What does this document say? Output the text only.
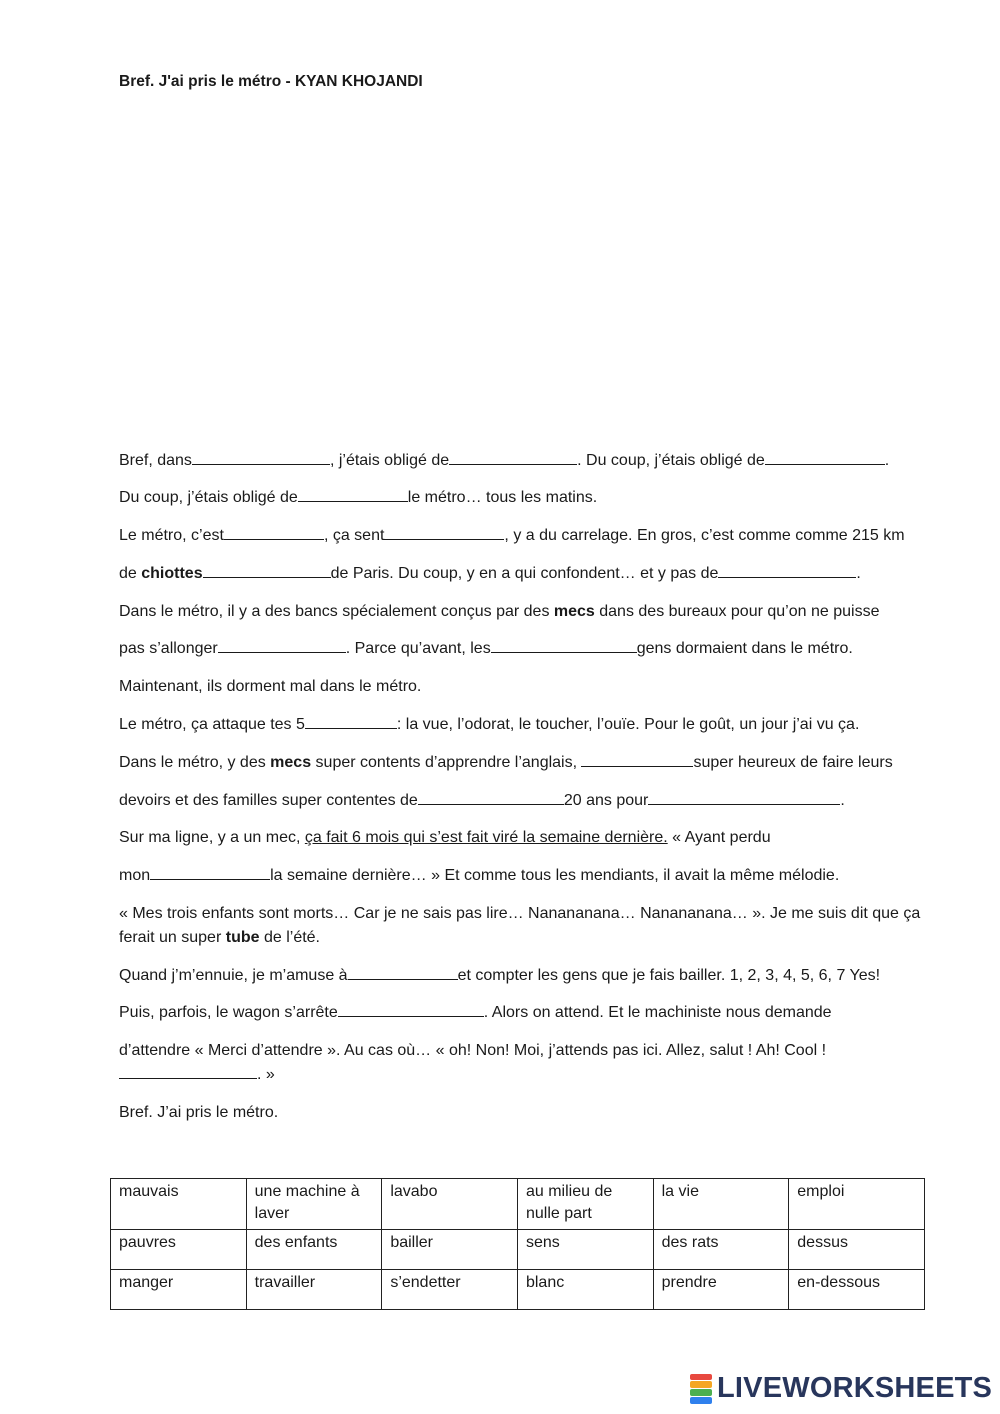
Bref. J'ai pris le métro - KYAN KHOJANDI
Bref, dans	, j’étais obligé de	. Du coup, j’étais obligé de	.
Du coup, j’étais obligé de	le métro… tous les matins.
Le métro, c’est	, ça sent	, y a du carrelage. En gros, c’est comme comme 215 km
de chiottes	de Paris. Du coup, y en a qui confondent… et y pas de	.
Dans le métro, il y a des bancs spécialement conçus par des mecs dans des bureaux pour qu’on ne puisse
pas s’allonger	. Parce qu’avant, les	gens dormaient dans le métro.
Maintenant, ils dorment mal dans le métro.
Le métro, ça attaque tes 5	: la vue, l’odorat, le toucher, l’ouïe. Pour le goût, un jour j’ai vu ça.
Dans le métro, y des mecs super contents d’apprendre l’anglais,	super heureux de faire leurs
devoirs et des familles super contentes de	20 ans pour	.
Sur ma ligne, y a un mec, ça fait 6 mois qui s’est fait viré la semaine dernière. « Ayant perdu
mon	la semaine dernière… » Et comme tous les mendiants, il avait la même mélodie.
« Mes trois enfants sont morts… Car je ne sais pas lire… Nanananana… Nanananana… ». Je me suis dit que ça ferait un super tube de l’été.
Quand j’m’ennuie, je m’amuse à	et compter les gens que je fais bailler. 1, 2, 3, 4, 5, 6, 7 Yes!
Puis, parfois, le wagon s’arrête	. Alors on attend. Et le machiniste nous demande
d’attendre « Merci d’attendre ». Au cas où… « oh! Non! Moi, j’attends pas ici. Allez, salut ! Ah! Cool !
. »
Bref. J’ai pris le métro.
mauvais	une machine à laver	lavabo	au milieu de nulle part	la vie	emploi
pauvres	des enfants	bailler	sens	des rats	dessus
manger	travailler	s’endetter	blanc	prendre	en-dessous
LIVEWORKSHEETS
